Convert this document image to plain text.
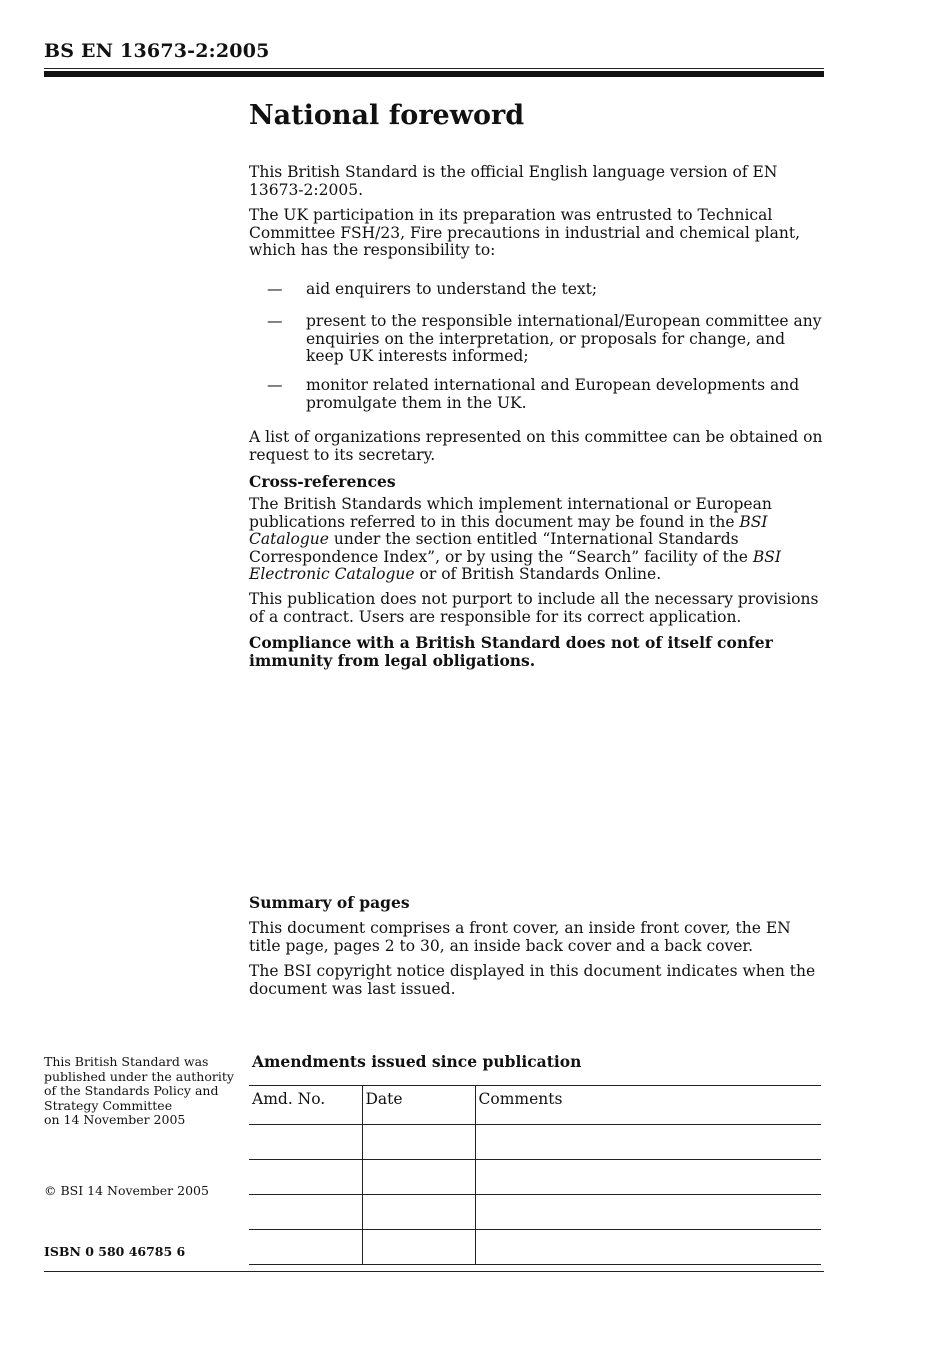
BS EN 13673-2:2005
National foreword

This British Standard is the official English language version of EN 13673-2:2005.

The UK participation in its preparation was entrusted to Technical Committee FSH/23, Fire precautions in industrial and chemical plant, which has the responsibility to:

— aid enquirers to understand the text;
— present to the responsible international/European committee any enquiries on the interpretation, or proposals for change, and keep UK interests informed;
— monitor related international and European developments and promulgate them in the UK.

A list of organizations represented on this committee can be obtained on request to its secretary.

Cross-references

The British Standards which implement international or European publications referred to in this document may be found in the BSI Catalogue under the section entitled “International Standards Correspondence Index”, or by using the “Search” facility of the BSI Electronic Catalogue or of British Standards Online.

This publication does not purport to include all the necessary provisions of a contract. Users are responsible for its correct application.

Compliance with a British Standard does not of itself confer immunity from legal obligations.

Summary of pages

This document comprises a front cover, an inside front cover, the EN title page, pages 2 to 30, an inside back cover and a back cover.

The BSI copyright notice displayed in this document indicates when the document was last issued.

This British Standard was
published under the authority
of the Standards Policy and
Strategy Committee
on 14 November 2005
© BSI 14 November 2005
ISBN 0 580 46785 6
Amendments issued since publication
Amd. No.	Date	Comments
